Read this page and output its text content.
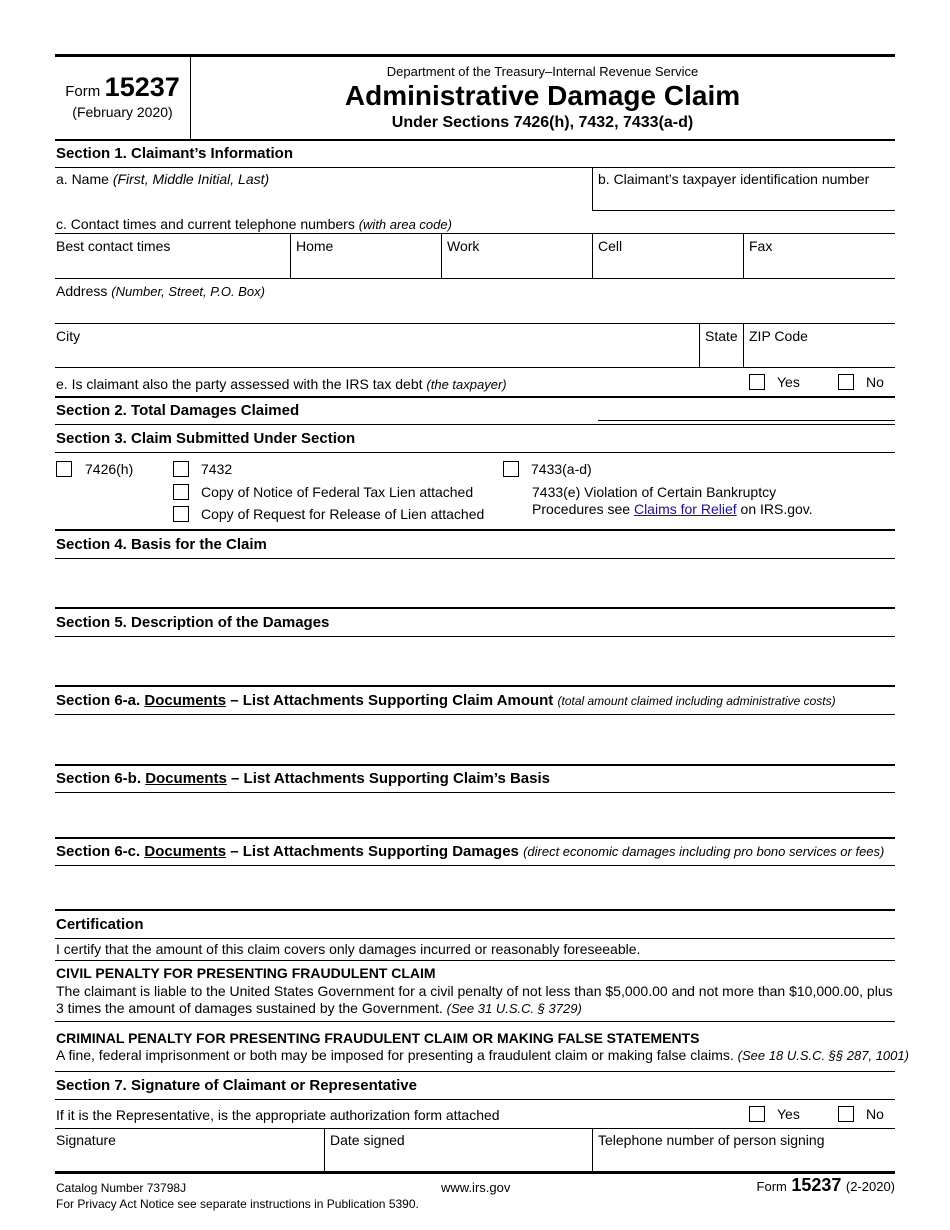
Form 15237
(February 2020)
Department of the Treasury–Internal Revenue Service
Administrative Damage Claim
Under Sections 7426(h), 7432, 7433(a-d)
Section 1. Claimant’s Information
a. Name (First, Middle Initial, Last)	b. Claimant’s taxpayer identification number
c. Contact times and current telephone numbers (with area code)
Best contact times	Home	Work	Cell	Fax
Address (Number, Street, P.O. Box)
City	State ZIP Code
e. Is claimant also the party assessed with the IRS tax debt (the taxpayer)	Yes	No
Section 2. Total Damages Claimed
Section 3. Claim Submitted Under Section
7426(h)	7432
Copy of Notice of Federal Tax Lien attached
Copy of Request for Release of Lien attached
7433(a-d)
7433(e) Violation of Certain Bankruptcy
Procedures see Claims for Relief on IRS.gov.
Section 4. Basis for the Claim
Section 5. Description of the Damages
Section 6-a. Documents – List Attachments Supporting Claim Amount (total amount claimed including administrative costs)
Section 6-b. Documents – List Attachments Supporting Claim’s Basis
Section 6-c. Documents – List Attachments Supporting Damages (direct economic damages including pro bono services or fees)
Certification
I certify that the amount of this claim covers only damages incurred or reasonably foreseeable.
CIVIL PENALTY FOR PRESENTING FRAUDULENT CLAIM
The claimant is liable to the United States Government for a civil penalty of not less than $5,000.00 and not more than $10,000.00, plus
3 times the amount of damages sustained by the Government. (See 31 U.S.C. § 3729)
CRIMINAL PENALTY FOR PRESENTING FRAUDULENT CLAIM OR MAKING FALSE STATEMENTS
A fine, federal imprisonment or both may be imposed for presenting a fraudulent claim or making false claims. (See 18 U.S.C. §§ 287, 1001)
Section 7. Signature of Claimant or Representative
If it is the Representative, is the appropriate authorization form attached	Yes	No
Signature	Date signed	Telephone number of person signing
Catalog Number 73798J	www.irs.gov	Form 15237 (2-2020)
For Privacy Act Notice see separate instructions in Publication 5390.
